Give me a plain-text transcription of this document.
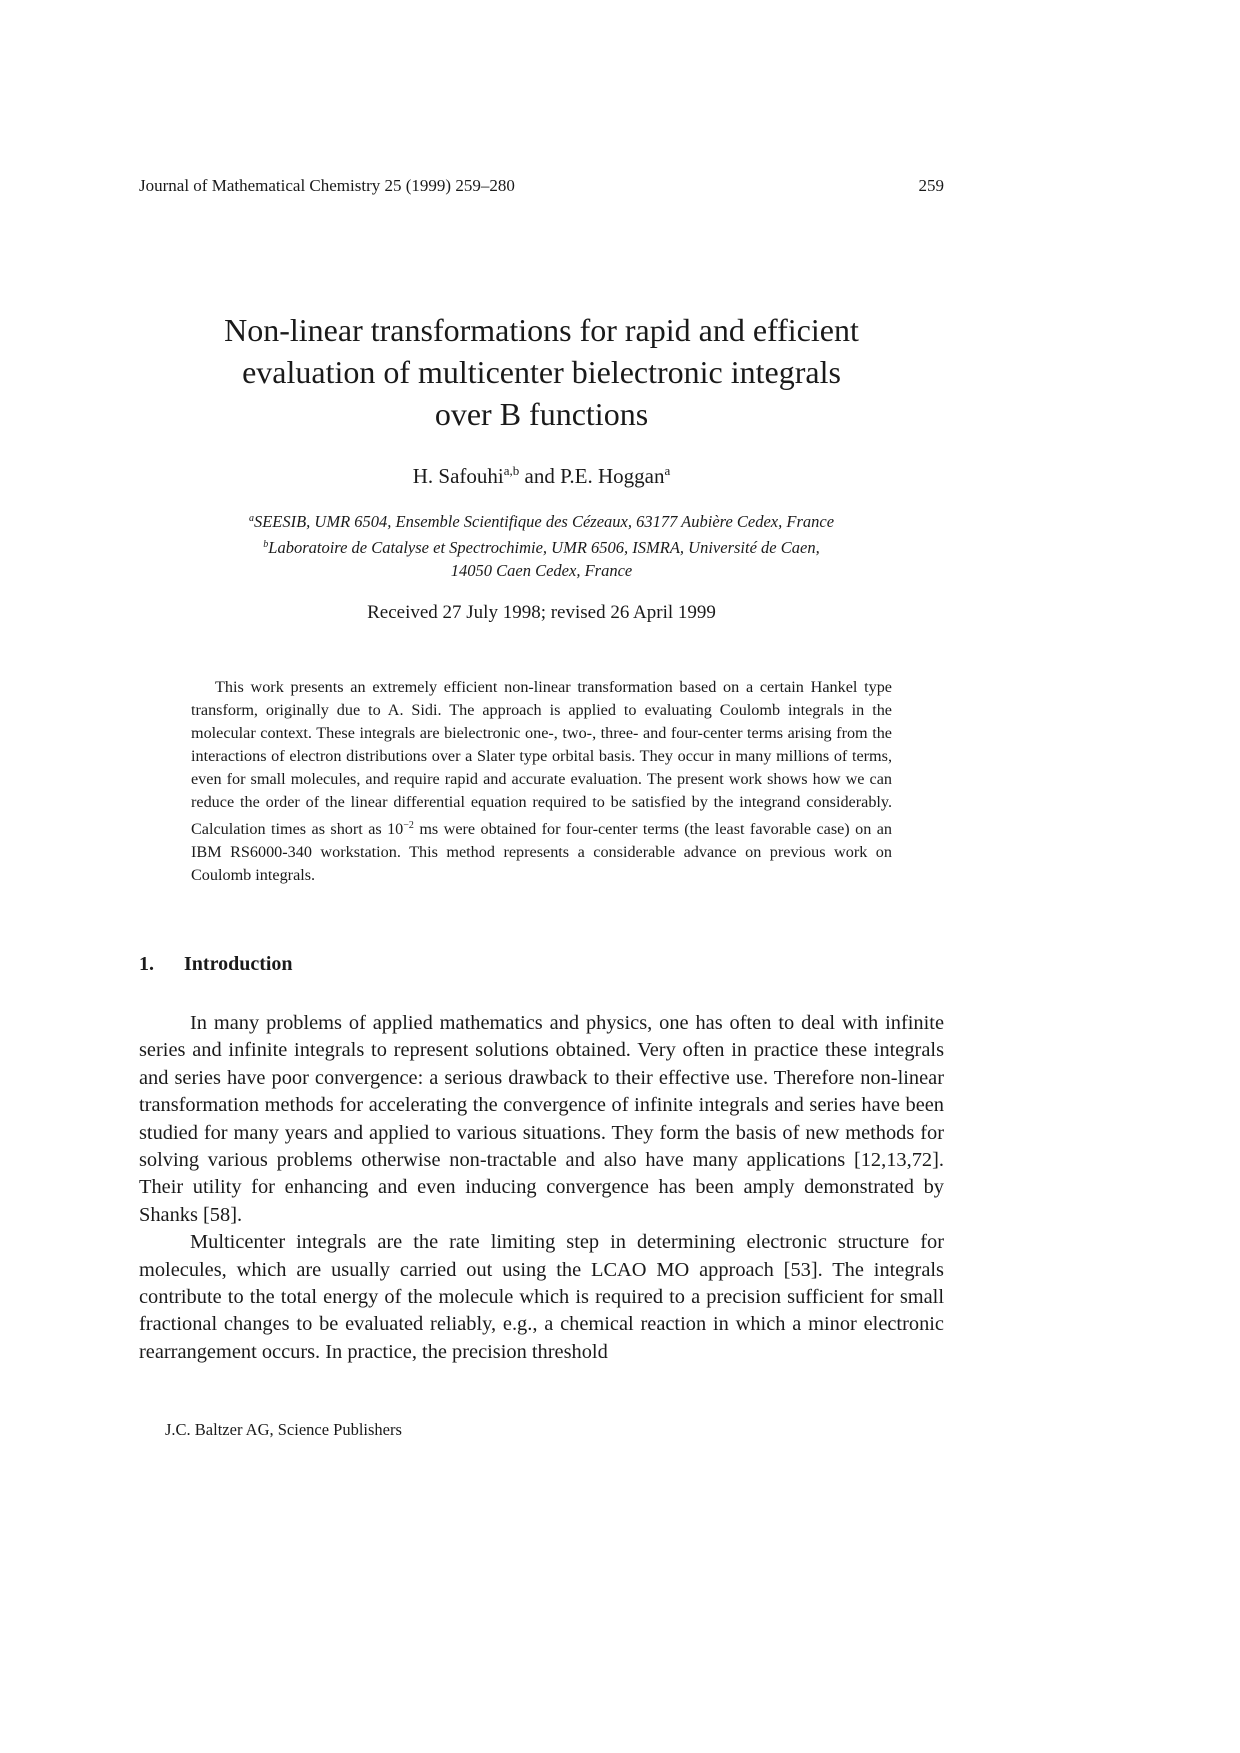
Journal of Mathematical Chemistry 25 (1999) 259–280	259
Non-linear transformations for rapid and efficient
evaluation of multicenter bielectronic integrals
over B functions
H. Safouhi$^{a,b}$ and P.E. Hoggan$^a$
$^a$SEESIB, UMR 6504, Ensemble Scientifique des Cézeaux, 63177 Aubière Cedex, France
$^b$Laboratoire de Catalyse et Spectrochimie, UMR 6506, ISMRA, Université de Caen,
14050 Caen Cedex, France
Received 27 July 1998; revised 26 April 1999

This work presents an extremely efficient non-linear transformation based on a certain Hankel type transform, originally due to A. Sidi. The approach is applied to evaluating Coulomb integrals in the molecular context. These integrals are bielectronic one-, two-, three- and four-center terms arising from the interactions of electron distributions over a Slater type orbital basis. They occur in many millions of terms, even for small molecules, and require rapid and accurate evaluation. The present work shows how we can reduce the order of the linear differential equation required to be satisfied by the integrand considerably. Calculation times as short as $10^{-2}$ ms were obtained for four-center terms (the least favorable case) on an IBM RS6000-340 workstation. This method represents a considerable advance on previous work on Coulomb integrals.

1. Introduction

In many problems of applied mathematics and physics, one has often to deal with infinite series and infinite integrals to represent solutions obtained. Very often in practice these integrals and series have poor convergence: a serious drawback to their effective use. Therefore non-linear transformation methods for accelerating the convergence of infinite integrals and series have been studied for many years and applied to various situations. They form the basis of new methods for solving various problems otherwise non-tractable and also have many applications [12,13,72]. Their utility for enhancing and even inducing convergence has been amply demonstrated by Shanks [58].

Multicenter integrals are the rate limiting step in determining electronic structure for molecules, which are usually carried out using the LCAO MO approach [53]. The integrals contribute to the total energy of the molecule which is required to a precision sufficient for small fractional changes to be evaluated reliably, e.g., a chemical reaction in which a minor electronic rearrangement occurs. In practice, the precision threshold

J.C. Baltzer AG, Science Publishers
